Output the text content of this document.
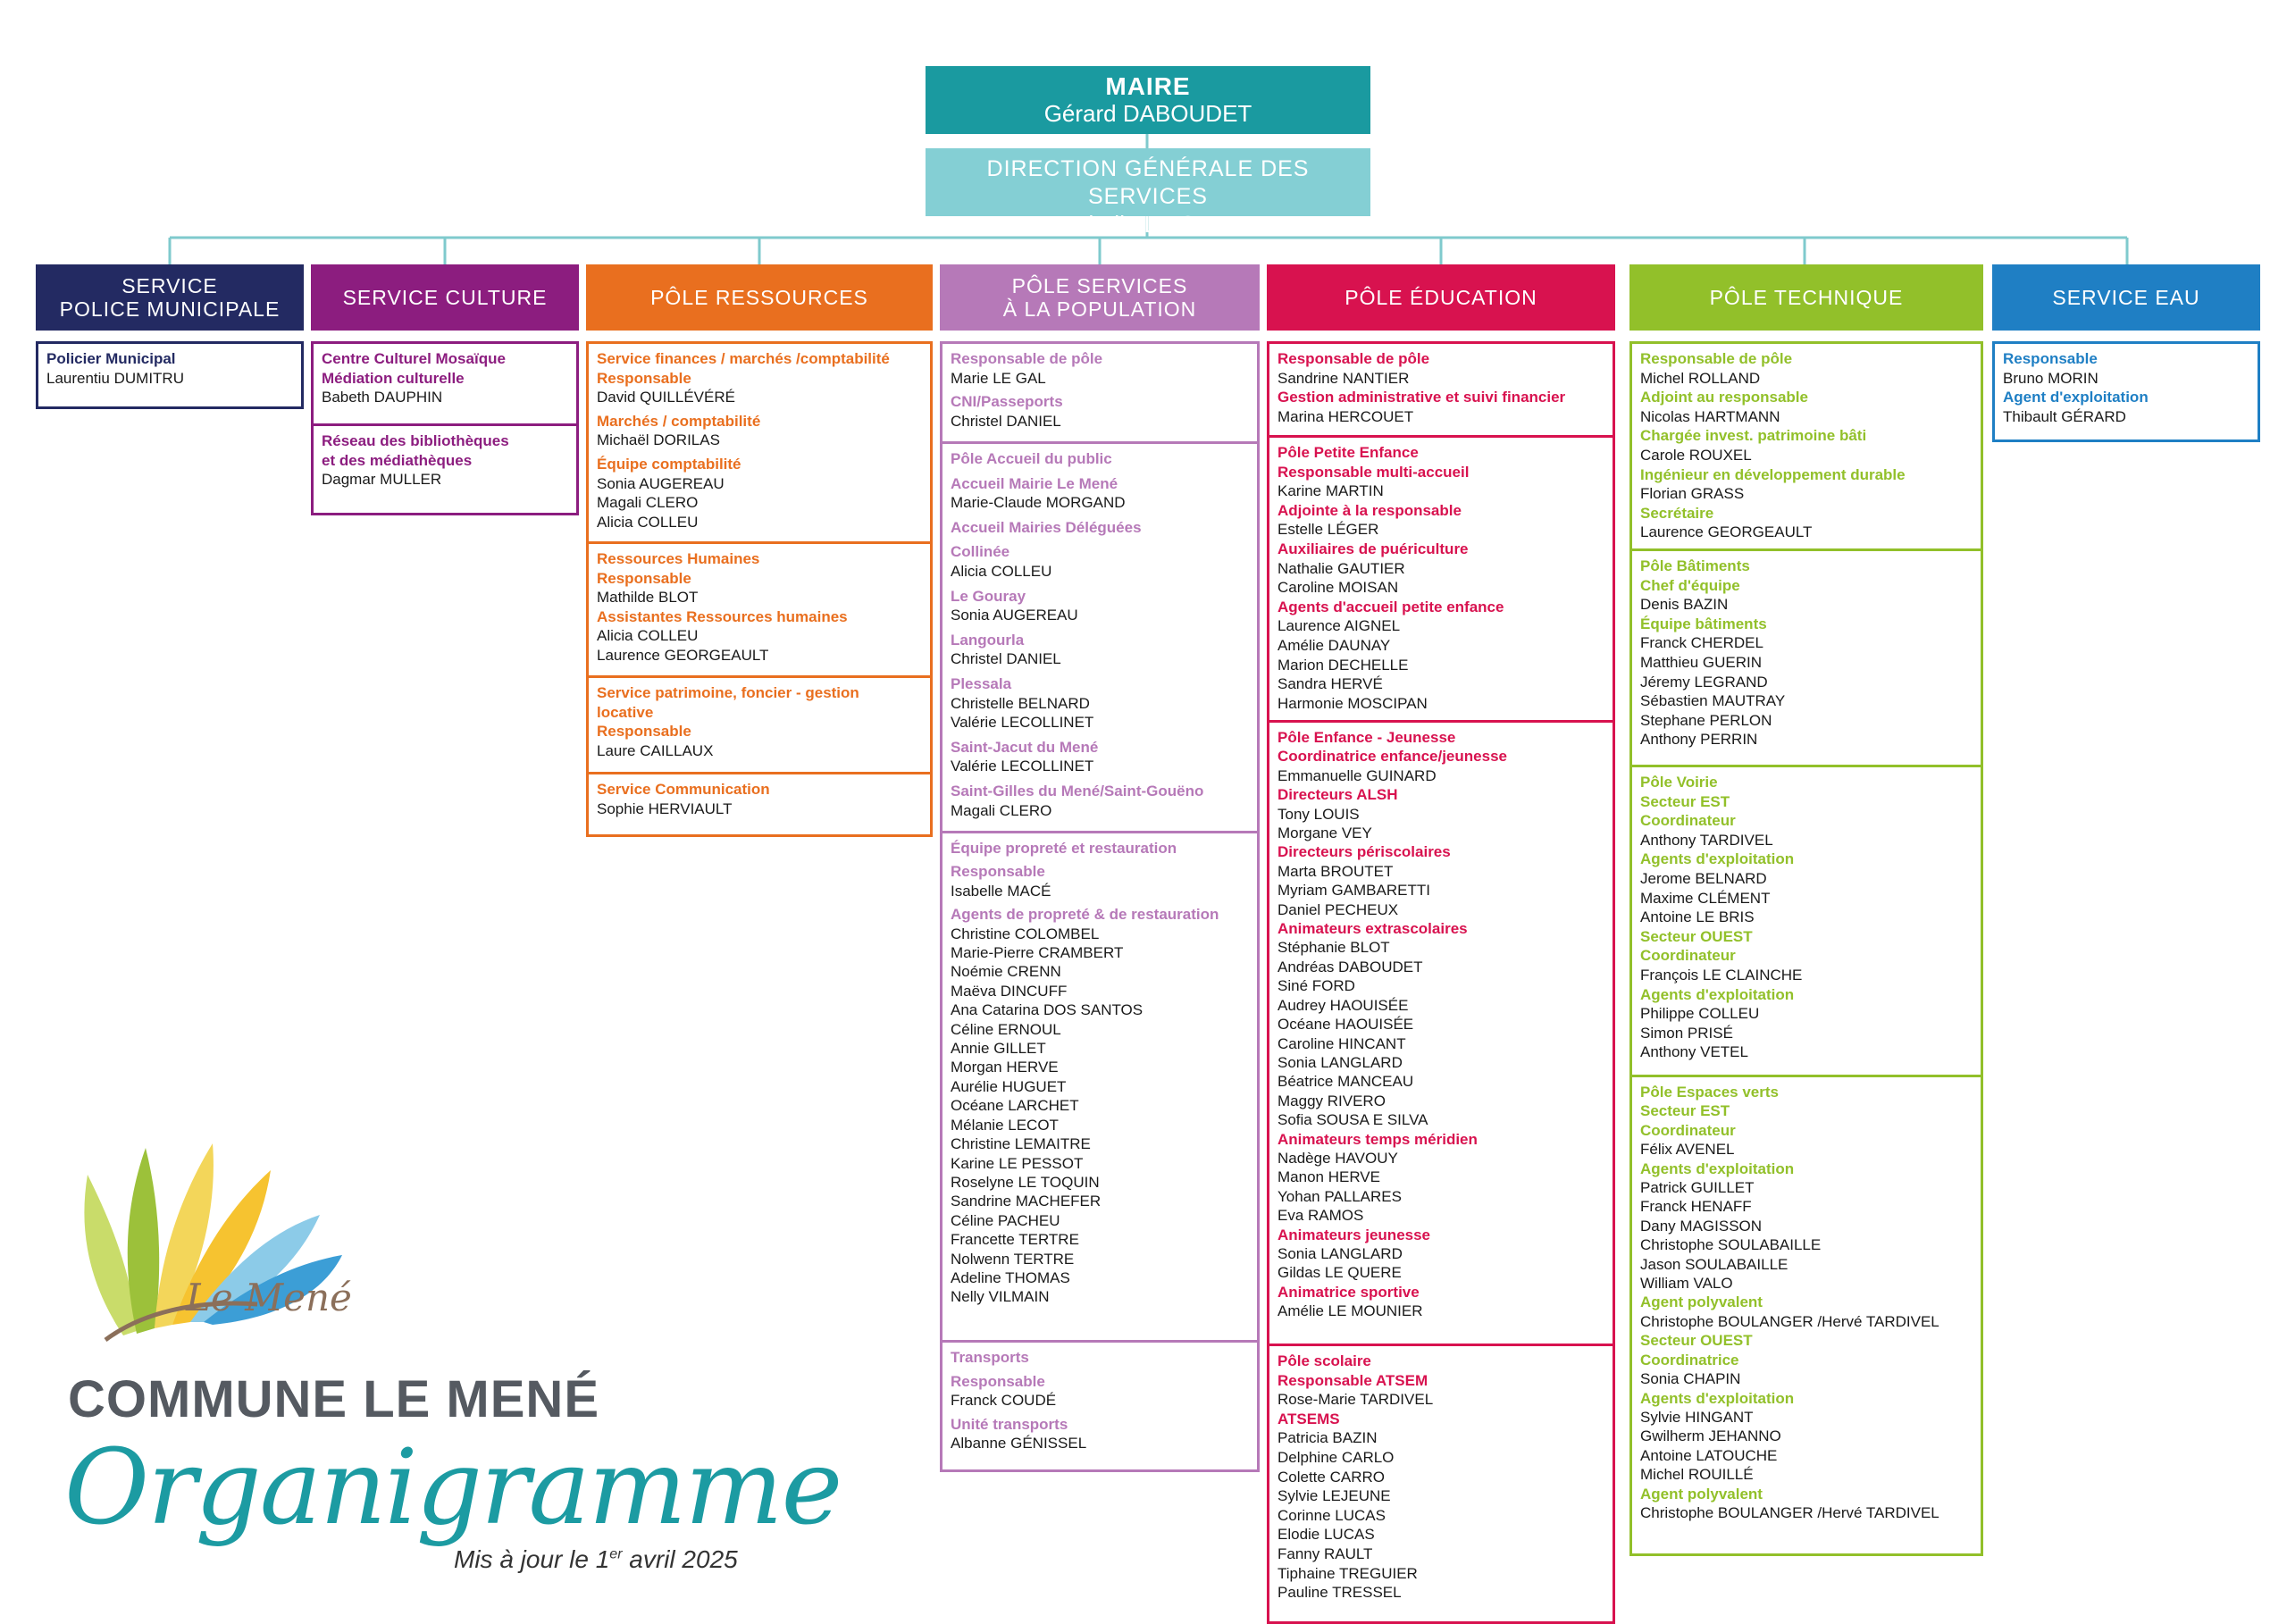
MAIRE
Gérard DABOUDET
DIRECTION GÉNÉRALE DES SERVICES
Isabelle LE GALL
SERVICE
POLICE MUNICIPALE
Policier Municipal
Laurentiu DUMITRU
SERVICE CULTURE
Centre Culturel Mosaïque
Médiation culturelle
Babeth DAUPHIN
Réseau des bibliothèques
et des médiathèques
Dagmar MULLER
PÔLE RESSOURCES
Service finances / marchés /comptabilité
Responsable
David QUILLÉVÉRÉ
Marchés / comptabilité
Michaël DORILAS
Équipe comptabilité
Sonia AUGEREAU
Magali CLERO
Alicia COLLEU
Ressources Humaines
Responsable
Mathilde BLOT
Assistantes Ressources humaines
Alicia COLLEU
Laurence GEORGEAULT
Service patrimoine, foncier - gestion
locative
Responsable
Laure CAILLAUX
Service Communication
Sophie HERVIAULT
PÔLE SERVICES
À LA POPULATION
Responsable de pôle
Marie LE GAL
CNI/Passeports
Christel DANIEL
Pôle Accueil du public
Accueil Mairie Le Mené
Marie-Claude MORGAND
Accueil Mairies Déléguées
Collinée
Alicia COLLEU
Le Gouray
Sonia AUGEREAU
Langourla
Christel DANIEL
Plessala
Christelle BELNARD
Valérie LECOLLINET
Saint-Jacut du Mené
Valérie LECOLLINET
Saint-Gilles du Mené/Saint-Gouëno
Magali CLERO
Équipe propreté et restauration
Responsable
Isabelle MACÉ
Agents de propreté & de restauration
Christine COLOMBEL
Marie-Pierre CRAMBERT
Noémie CRENN
Maëva DINCUFF
Ana Catarina DOS SANTOS
Céline ERNOUL
Annie GILLET
Morgan HERVE
Aurélie HUGUET
Océane LARCHET
Mélanie LECOT
Christine LEMAITRE
Karine LE PESSOT
Roselyne LE TOQUIN
Sandrine MACHEFER
Céline PACHEU
Francette TERTRE
Nolwenn TERTRE
Adeline THOMAS
Nelly VILMAIN
Transports
Responsable
Franck COUDÉ
Unité transports
Albanne GÉNISSEL
PÔLE ÉDUCATION
Responsable de pôle
Sandrine NANTIER
Gestion administrative et suivi financier
Marina HERCOUET
Pôle Petite Enfance
Responsable multi-accueil
Karine MARTIN
Adjointe à la responsable
Estelle LÉGER
Auxiliaires de puériculture
Nathalie GAUTIER
Caroline MOISAN
Agents d'accueil petite enfance
Laurence AIGNEL
Amélie DAUNAY
Marion DECHELLE
Sandra HERVÉ
Harmonie MOSCIPAN
Pôle Enfance - Jeunesse
Coordinatrice enfance/jeunesse
Emmanuelle GUINARD
Directeurs ALSH
Tony LOUIS
Morgane VEY
Directeurs périscolaires
Marta BROUTET
Myriam GAMBARETTI
Daniel PECHEUX
Animateurs extrascolaires
Stéphanie BLOT
Andréas DABOUDET
Siné FORD
Audrey HAOUISÉE
Océane HAOUISÉE
Caroline HINCANT
Sonia LANGLARD
Béatrice MANCEAU
Maggy RIVERO
Sofia SOUSA E SILVA
Animateurs temps méridien
Nadège HAVOUY
Manon HERVE
Yohan PALLARES
Eva RAMOS
Animateurs jeunesse
Sonia LANGLARD
Gildas LE QUERE
Animatrice sportive
Amélie LE MOUNIER
Pôle scolaire
Responsable ATSEM
Rose-Marie TARDIVEL
ATSEMS
Patricia BAZIN
Delphine CARLO
Colette CARRO
Sylvie LEJEUNE
Corinne LUCAS
Elodie LUCAS
Fanny RAULT
Tiphaine TREGUIER
Pauline TRESSEL
PÔLE TECHNIQUE
Responsable de pôle
Michel ROLLAND
Adjoint au responsable
Nicolas HARTMANN
Chargée invest. patrimoine bâti
Carole ROUXEL
Ingénieur en développement durable
Florian GRASS
Secrétaire
Laurence GEORGEAULT
Pôle Bâtiments
Chef d'équipe
Denis BAZIN
Équipe bâtiments
Franck CHERDEL
Matthieu GUERIN
Jéremy LEGRAND
Sébastien MAUTRAY
Stephane PERLON
Anthony PERRIN
Pôle Voirie
Secteur EST
Coordinateur
Anthony TARDIVEL
Agents d'exploitation
Jerome BELNARD
Maxime CLÉMENT
Antoine LE BRIS
Secteur OUEST
Coordinateur
François LE CLAINCHE
Agents d'exploitation
Philippe COLLEU
Simon PRISÉ
Anthony VETEL
Pôle Espaces verts
Secteur EST
Coordinateur
Félix AVENEL
Agents d'exploitation
Patrick GUILLET
Franck HENAFF
Dany MAGISSON
Christophe SOULABAILLE
Jason SOULABAILLE
William VALO
Agent polyvalent
Christophe BOULANGER /Hervé TARDIVEL
Secteur OUEST
Coordinatrice
Sonia CHAPIN
Agents d'exploitation
Sylvie HINGANT
Gwilherm JEHANNO
Antoine LATOUCHE
Michel ROUILLÉ
Agent polyvalent
Christophe BOULANGER /Hervé TARDIVEL
SERVICE EAU
Responsable
Bruno MORIN
Agent d'exploitation
Thibault GÉRARD
Le Mené
COMMUNE LE MENÉ
Organigramme
Mis à jour le 1er avril 2025
